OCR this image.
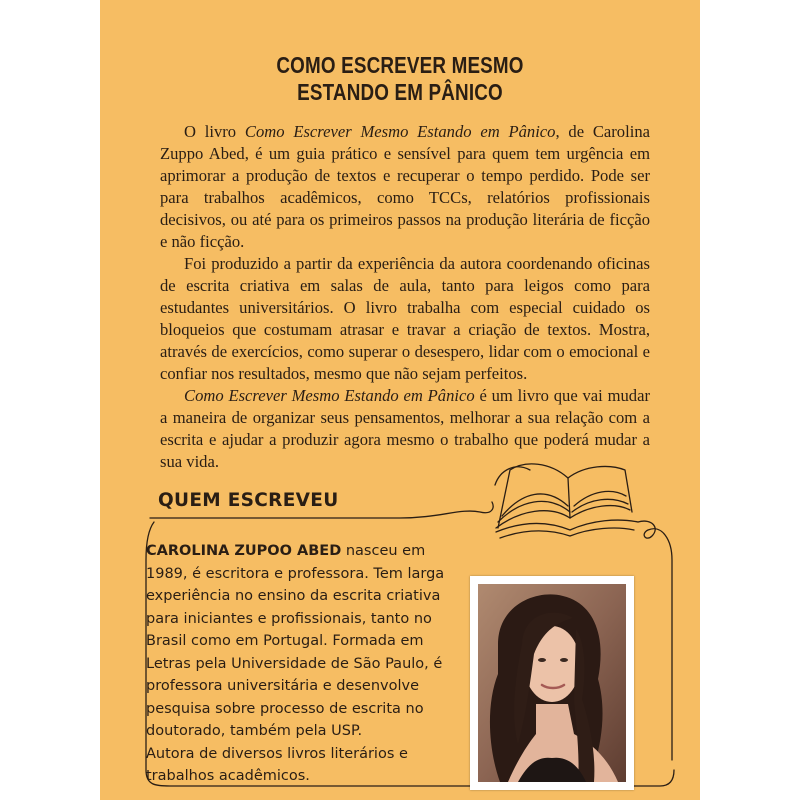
COMO ESCREVER MESMO
ESTANDO EM PÂNICO

O livro Como Escrever Mesmo Estando em Pânico, de Carolina Zuppo Abed, é um guia prático e sensível para quem tem urgência em aprimorar a produção de textos e recuperar o tempo perdido. Pode ser para trabalhos acadêmicos, como TCCs, relatórios profissionais decisivos, ou até para os primeiros passos na produção literária de ficção e não ficção.

Foi produzido a partir da experiência da autora coordenando oficinas de escrita criativa em salas de aula, tanto para leigos como para estudantes universitários. O livro trabalha com especial cuidado os bloqueios que costumam atrasar e travar a criação de textos. Mostra, através de exercícios, como superar o desespero, lidar com o emocional e confiar nos resultados, mesmo que não sejam perfeitos.

Como Escrever Mesmo Estando em Pânico é um livro que vai mudar a maneira de organizar seus pensamentos, melhorar a sua relação com a escrita e ajudar a produzir agora mesmo o trabalho que poderá mudar a sua vida.

QUEM ESCREVEU

CAROLINA ZUPOO ABED nasceu em 1989, é escritora e professora. Tem larga experiência no ensino da escrita criativa para iniciantes e profissionais, tanto no Brasil como em Portugal. Formada em Letras pela Universidade de São Paulo, é professora universitária e desenvolve pesquisa sobre processo de escrita no doutorado, também pela USP.

Autora de diversos livros literários e trabalhos acadêmicos.
